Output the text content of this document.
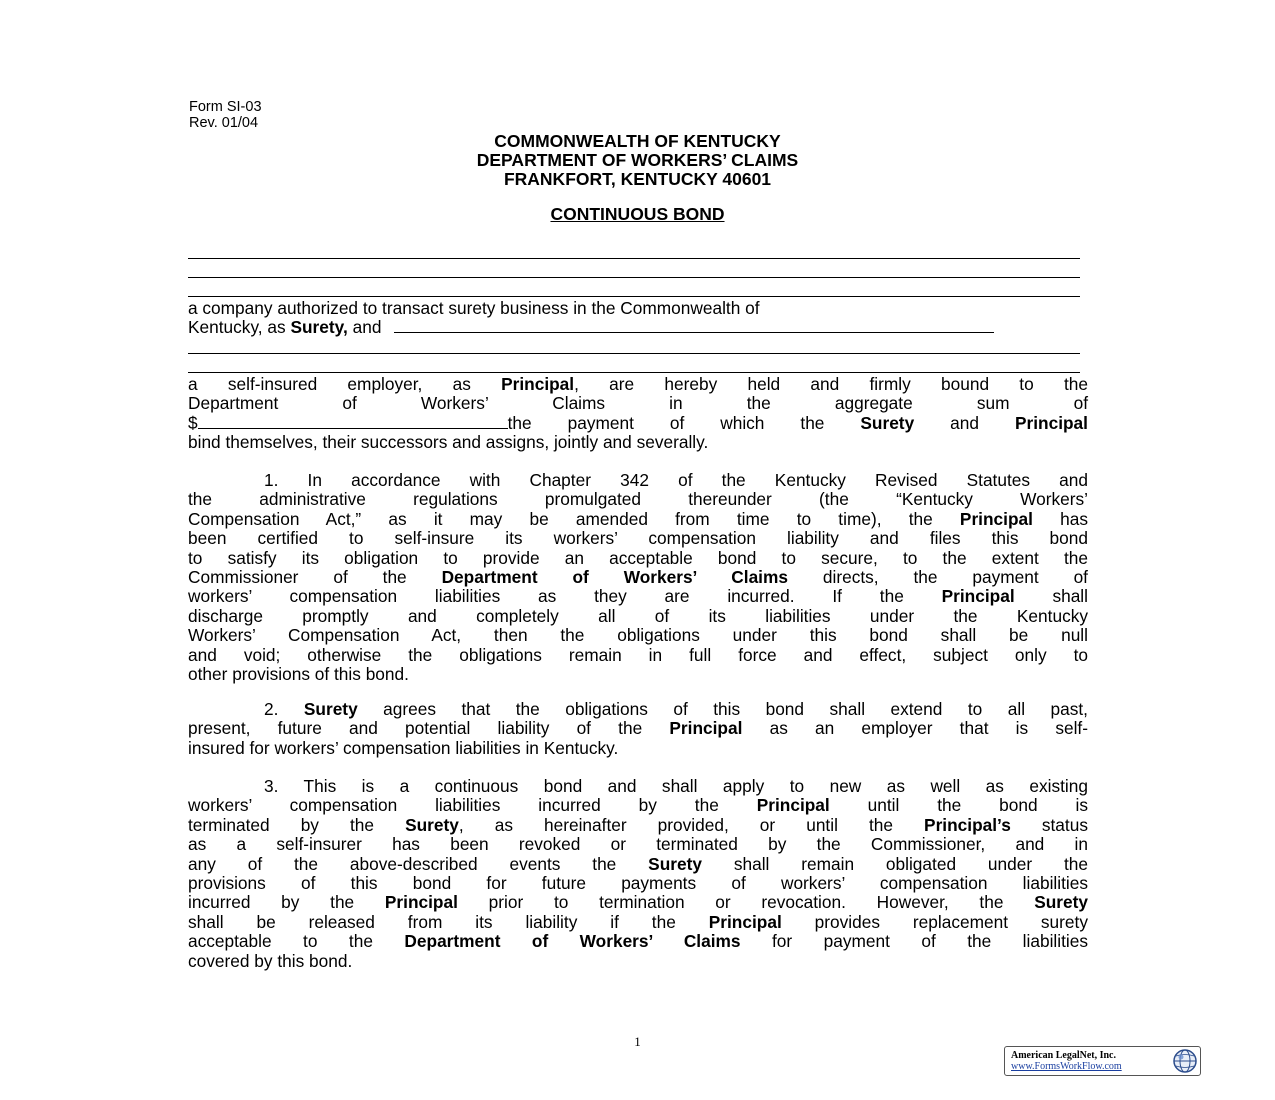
Form SI-03
Rev. 01/04
COMMONWEALTH OF KENTUCKY
DEPARTMENT OF WORKERS’ CLAIMS
FRANKFORT, KENTUCKY 40601
CONTINUOUS BOND

a company authorized to transact surety business in the Commonwealth of

Kentucky, as Surety, and

a self-insured employer, as Principal, are hereby held and firmly bound to the

Department of Workers’ Claims in the aggregate sum of

$	the payment of which the Surety and Principal

bind themselves, their successors and assigns, jointly and severally.

1. In accordance with Chapter 342 of the Kentucky Revised Statutes and

the administrative regulations promulgated thereunder (the “Kentucky Workers’

Compensation Act,” as it may be amended from time to time), the Principal has

been certified to self-insure its workers’ compensation liability and files this bond

to satisfy its obligation to provide an acceptable bond to secure, to the extent the

Commissioner of the Department of Workers’ Claims directs, the payment of

workers’ compensation liabilities as they are incurred. If the Principal shall

discharge promptly and completely all of its liabilities under the Kentucky

Workers’ Compensation Act, then the obligations under this bond shall be null

and void; otherwise the obligations remain in full force and effect, subject only to

other provisions of this bond.

2. Surety agrees that the obligations of this bond shall extend to all past,

present, future and potential liability of the Principal as an employer that is self-

insured for workers’ compensation liabilities in Kentucky.

3. This is a continuous bond and shall apply to new as well as existing

workers’ compensation liabilities incurred by the Principal until the bond is

terminated by the Surety, as hereinafter provided, or until the Principal’s status

as a self-insurer has been revoked or terminated by the Commissioner, and in

any of the above-described events the Surety shall remain obligated under the

provisions of this bond for future payments of workers’ compensation liabilities

incurred by the Principal prior to termination or revocation. However, the Surety

shall be released from its liability if the Principal provides replacement surety

acceptable to the Department of Workers’ Claims for payment of the liabilities

covered by this bond.

1
American LegalNet, Inc.
www.FormsWorkFlow.com
